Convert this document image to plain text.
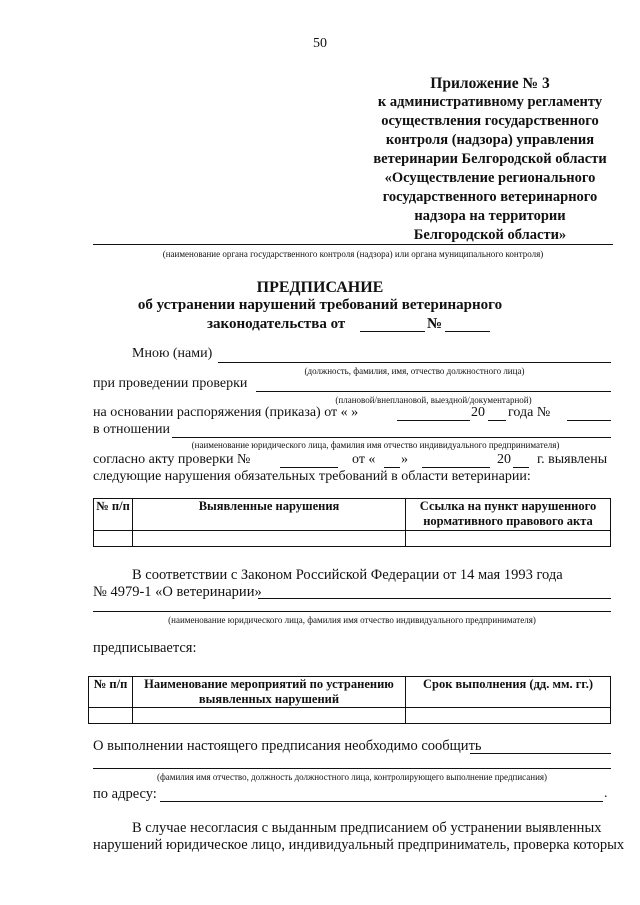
50
Приложение № 3
к административному регламенту
осуществления государственного
контроля (надзора) управления
ветеринарии Белгородской области
«Осуществление регионального
государственного ветеринарного
надзора на территории
Белгородской области»
(наименование органа государственного контроля (надзора) или органа муниципального контроля)
ПРЕДПИСАНИЕ
об устранении нарушений требований ветеринарного
законодательства от	№
Мною (нами)
(должность, фамилия, имя, отчество должностного лица)
при проведении проверки
(плановой/внеплановой, выездной/документарной)
на основании распоряжения (приказа) от « »	20 года №
в отношении
(наименование юридического лица, фамилия имя отчество индивидуального предпринимателя)
согласно акту проверки №	от « »	20 г. выявлены
следующие нарушения обязательных требований в области ветеринарии:
№ п/п	Выявленные нарушения	Ссылка на пункт нарушенного нормативного правового акта

В соответствии с Законом Российской Федерации от 14 мая 1993 года
№ 4979-1 «О ветеринарии»
(наименование юридического лица, фамилия имя отчество индивидуального предпринимателя)
предписывается:
№ п/п	Наименование мероприятий по устранению выявленных нарушений	Срок выполнения (дд. мм. гг.)

О выполнении настоящего предписания необходимо сообщить
(фамилия имя отчество, должность должностного лица, контролирующего выполнение предписания)
по адресу:	.
В случае несогласия с выданным предписанием об устранении выявленных
нарушений юридическое лицо, индивидуальный предприниматель, проверка которых
